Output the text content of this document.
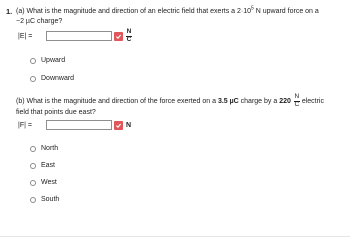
1. (a) What is the magnitude and direction of an electric field that exerts a $2\cdot 10^5$ N upward force on a
−2 µC charge?
|E| =	$\frac{N}{C}$
Upward
Downward
(b) What is the magnitude and direction of the force exerted on a 3.5 µC charge by a $220 \frac{N}{C}$ electric
field that points due east?
|F| =	N
North
East
West
South
